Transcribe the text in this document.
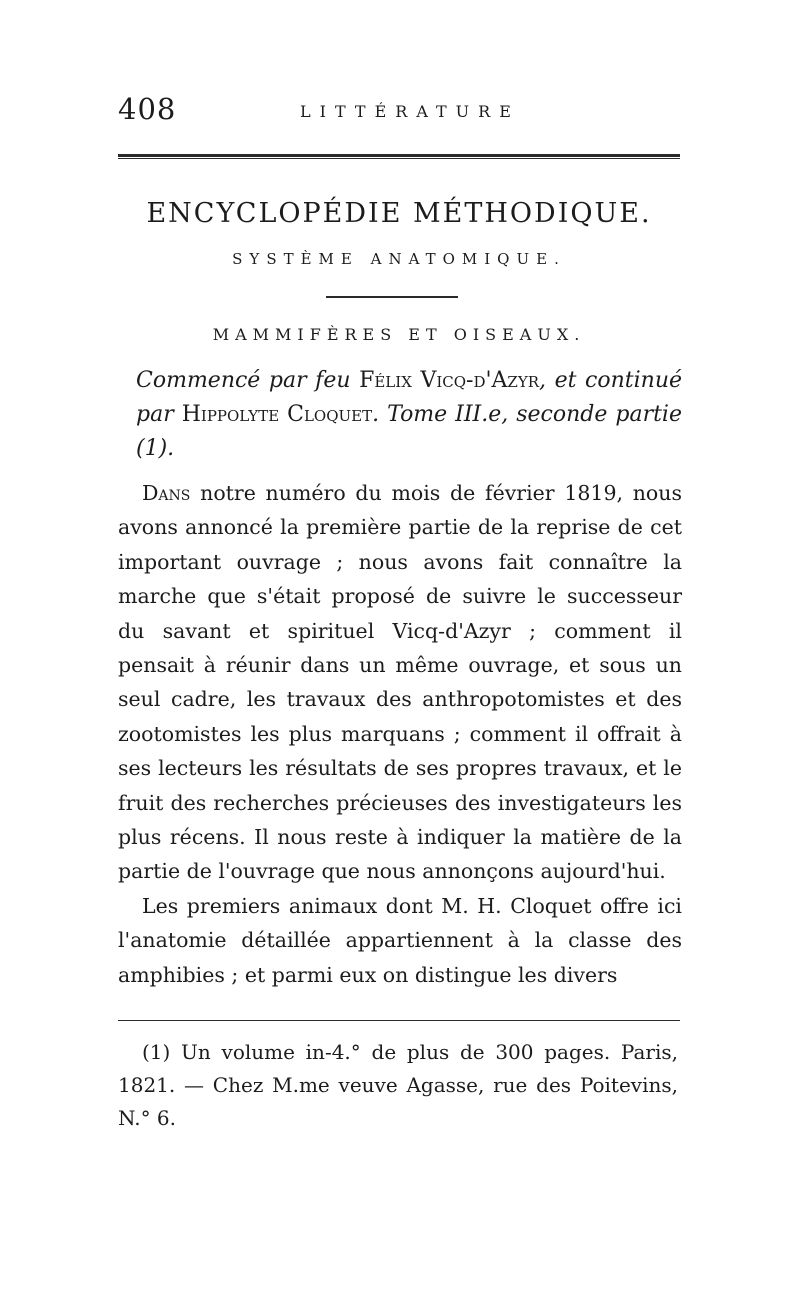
408	LITTÉRATURE
ENCYCLOPÉDIE MÉTHODIQUE.
SYSTÈME ANATOMIQUE.
MAMMIFÈRES ET OISEAUX.
Commencé par feu Félix Vicq-d'Azyr, et continué par Hippolyte Cloquet. Tome III.e, seconde partie (1).

Dans notre numéro du mois de février 1819, nous avons annoncé la première partie de la reprise de cet important ouvrage ; nous avons fait connaître la marche que s'était proposé de suivre le successeur du savant et spirituel Vicq-d'Azyr ; comment il pensait à réunir dans un même ouvrage, et sous un seul cadre, les travaux des anthropotomistes et des zootomistes les plus marquans ; comment il offrait à ses lecteurs les résultats de ses propres travaux, et le fruit des recherches précieuses des investigateurs les plus récens. Il nous reste à indiquer la matière de la partie de l'ouvrage que nous annonçons aujourd'hui.

Les premiers animaux dont M. H. Cloquet offre ici l'anatomie détaillée appartiennent à la classe des amphibies ; et parmi eux on distingue les divers

(1) Un volume in-4.° de plus de 300 pages. Paris, 1821. — Chez M.me veuve Agasse, rue des Poitevins, N.° 6.
